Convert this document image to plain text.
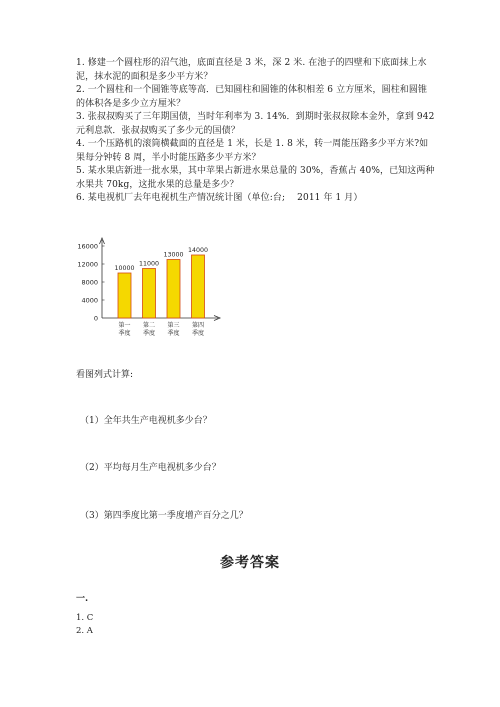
1. 修建一个圆柱形的沼气池，底面直径是 3 米，深 2 米. 在池子的四壁和下底面抹上水泥，抹水泥的面积是多少平方米？

2. 一个圆柱和一个圆锥等底等高．已知圆柱和圆锥的体积相差 6 立方厘米，圆柱和圆锥的体积各是多少立方厘米？

3. 张叔叔购买了三年期国债，当时年利率为 3. 14%．到期时张叔叔除本金外，拿到 942 元利息款．张叔叔购买了多少元的国债？

4. 一个压路机的滚筒横截面的直径是 1 米，长是 1. 8 米，转一周能压路多少平方米?如果每分钟转 8 周，半小时能压路多少平方米？

5. 某水果店新进一批水果，其中苹果占新进水果总量的 30%，香蕉占 40%，已知这两种水果共 70kg，这批水果的总量是多少？

6. 某电视机厂去年电视机生产情况统计图（单位:台;　 2011 年 1 月）

0
4000
8000
12000
16000
10000
第一
季度
11000
第二
季度
13000
第三
季度
14000
第四
季度
看图列式计算:
（1）全年共生产电视机多少台？
（2）平均每月生产电视机多少台？
（3）第四季度比第一季度增产百分之几？
参考答案
一.
1. C
2. A
